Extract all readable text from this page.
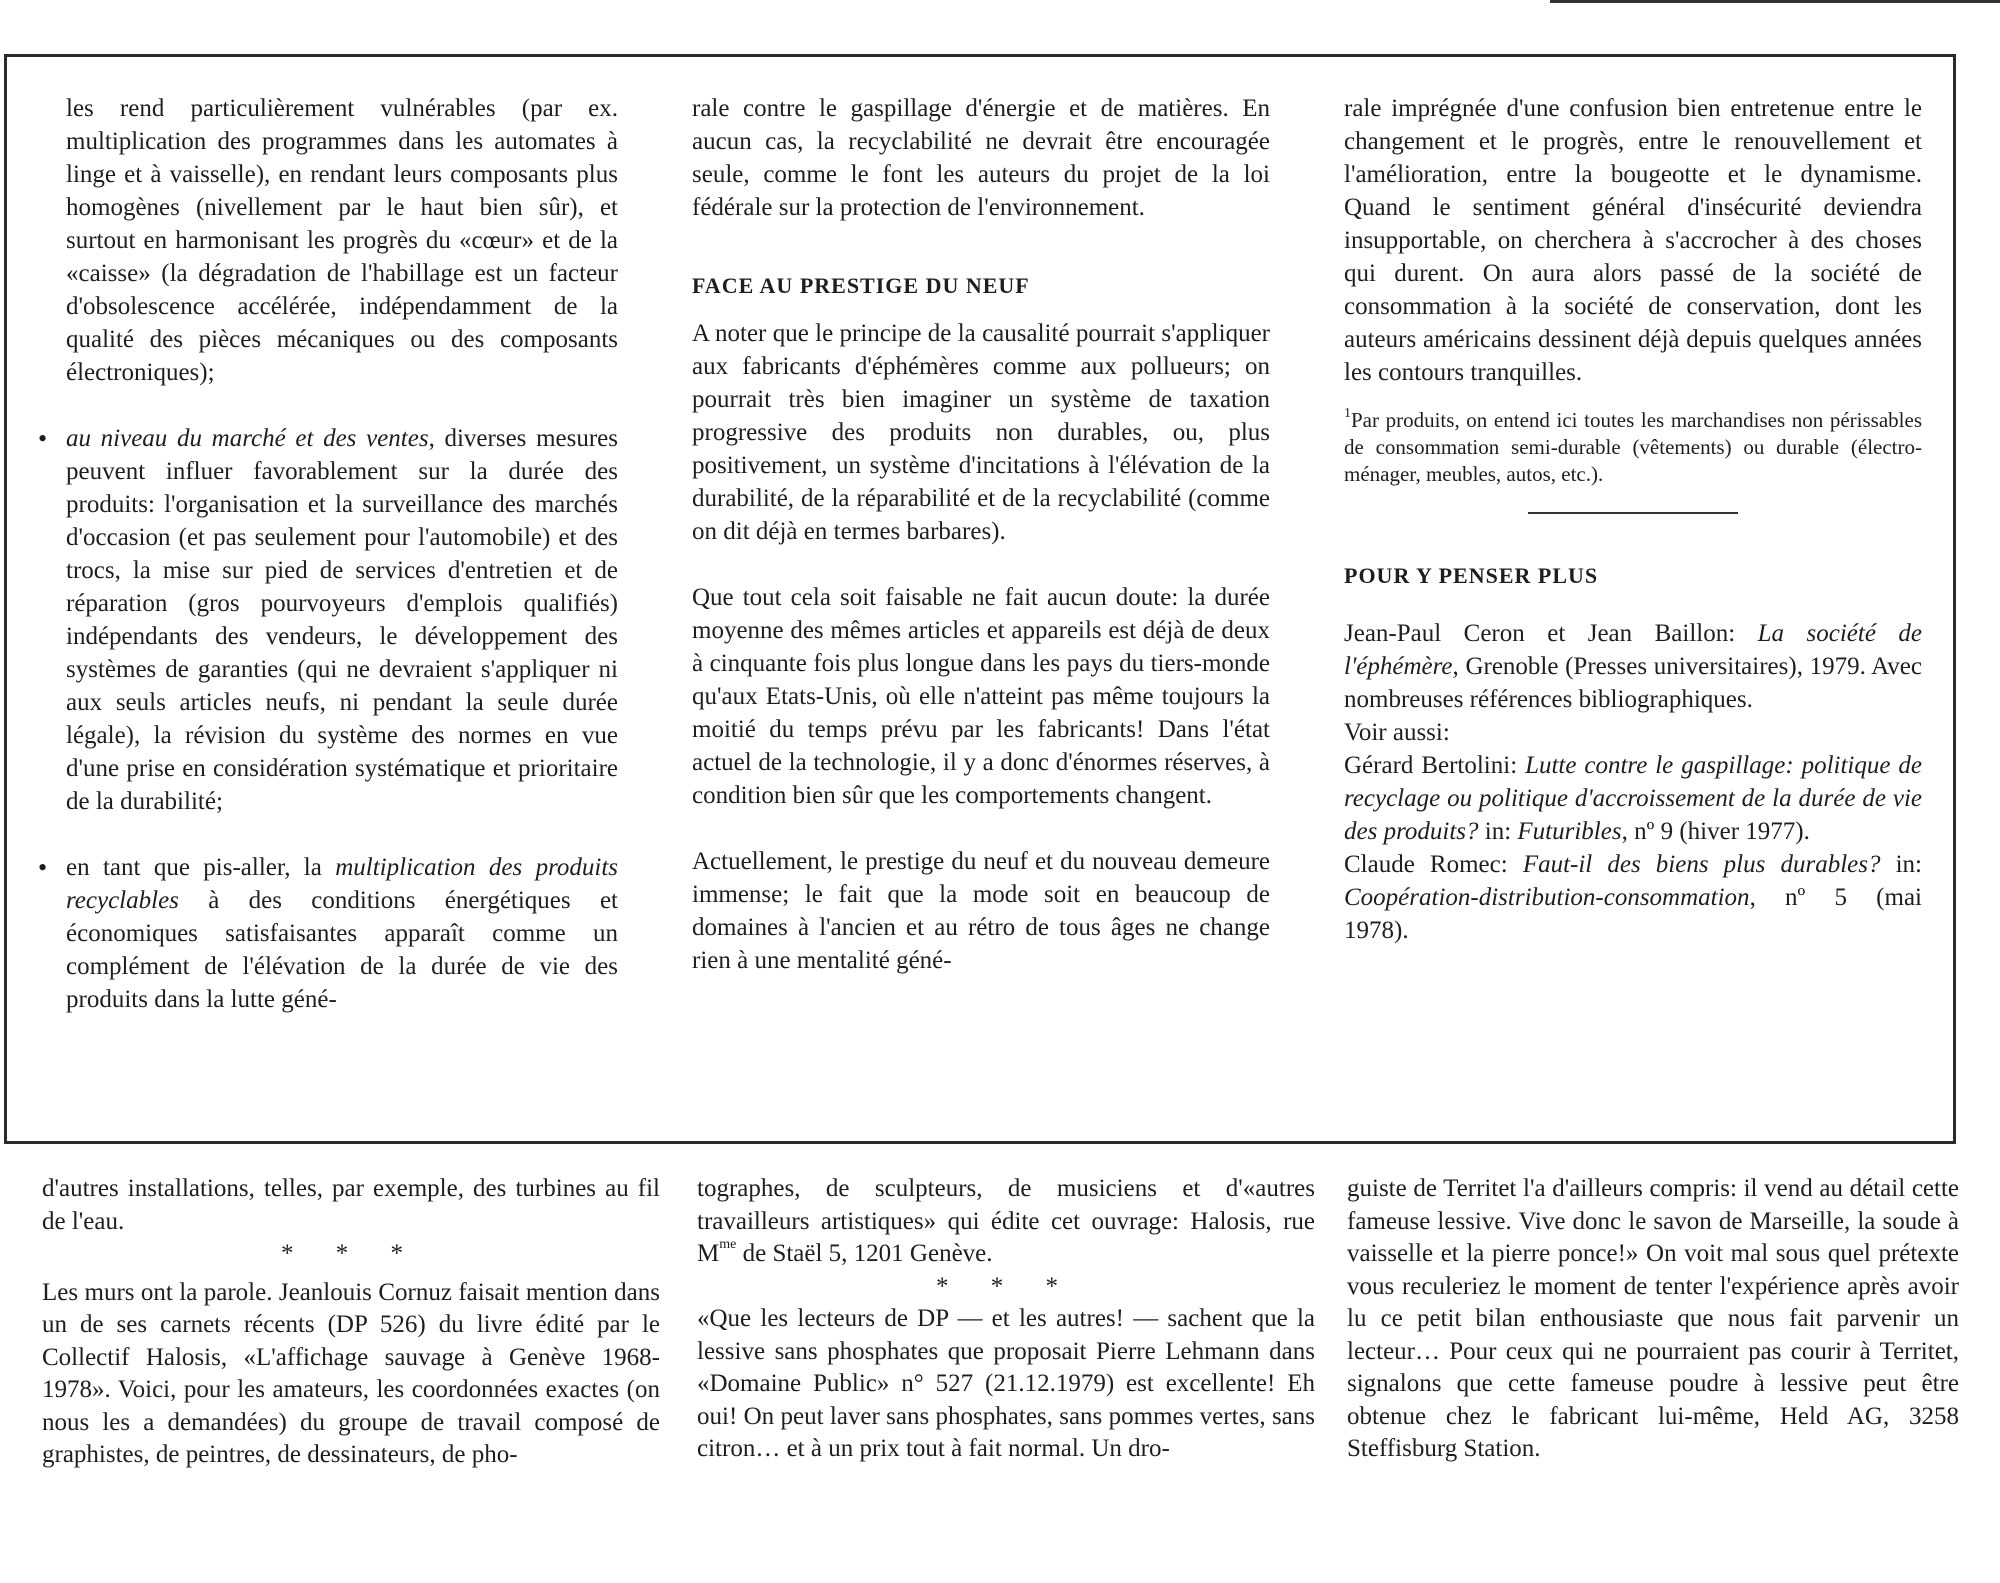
les rend particulièrement vulnérables (par ex. multiplication des programmes dans les automates à linge et à vaisselle), en rendant leurs composants plus homogènes (nivellement par le haut bien sûr), et surtout en harmonisant les progrès du «cœur» et de la «caisse» (la dégradation de l'habillage est un facteur d'obsolescence accélérée, indépendamment de la qualité des pièces mécaniques ou des composants électroniques);

• au niveau du marché et des ventes, diverses mesures peuvent influer favorablement sur la durée des produits: l'organisation et la surveillance des marchés d'occasion (et pas seulement pour l'automobile) et des trocs, la mise sur pied de services d'entretien et de réparation (gros pourvoyeurs d'emplois qualifiés) indépendants des vendeurs, le développement des systèmes de garanties (qui ne devraient s'appliquer ni aux seuls articles neufs, ni pendant la seule durée légale), la révision du système des normes en vue d'une prise en considération systématique et prioritaire de la durabilité;

• en tant que pis-aller, la multiplication des produits recyclables à des conditions énergétiques et économiques satisfaisantes apparaît comme un complément de l'élévation de la durée de vie des produits dans la lutte géné-

rale contre le gaspillage d'énergie et de matières. En aucun cas, la recyclabilité ne devrait être encouragée seule, comme le font les auteurs du projet de la loi fédérale sur la protection de l'environnement.

FACE AU PRESTIGE DU NEUF

A noter que le principe de la causalité pourrait s'appliquer aux fabricants d'éphémères comme aux pollueurs; on pourrait très bien imaginer un système de taxation progressive des produits non durables, ou, plus positivement, un système d'incitations à l'élévation de la durabilité, de la réparabilité et de la recyclabilité (comme on dit déjà en termes barbares).

Que tout cela soit faisable ne fait aucun doute: la durée moyenne des mêmes articles et appareils est déjà de deux à cinquante fois plus longue dans les pays du tiers-monde qu'aux Etats-Unis, où elle n'atteint pas même toujours la moitié du temps prévu par les fabricants! Dans l'état actuel de la technologie, il y a donc d'énormes réserves, à condition bien sûr que les comportements changent.

Actuellement, le prestige du neuf et du nouveau demeure immense; le fait que la mode soit en beaucoup de domaines à l'ancien et au rétro de tous âges ne change rien à une mentalité géné-

rale imprégnée d'une confusion bien entretenue entre le changement et le progrès, entre le renouvellement et l'amélioration, entre la bougeotte et le dynamisme. Quand le sentiment général d'insécurité deviendra insupportable, on cherchera à s'accrocher à des choses qui durent. On aura alors passé de la société de consommation à la société de conservation, dont les auteurs américains dessinent déjà depuis quelques années les contours tranquilles.

$^1$Par produits, on entend ici toutes les marchandises non périssables de consommation semi-durable (vêtements) ou durable (électro-ménager, meubles, autos, etc.).

POUR Y PENSER PLUS

Jean-Paul Ceron et Jean Baillon: La société de l'éphémère, Grenoble (Presses universitaires), 1979. Avec nombreuses références bibliographiques.

Voir aussi:

Gérard Bertolini: Lutte contre le gaspillage: politique de recyclage ou politique d'accroissement de la durée de vie des produits? in: Futuribles, nº 9 (hiver 1977).

Claude Romec: Faut-il des biens plus durables? in: Coopération-distribution-consommation, nº 5 (mai 1978).

d'autres installations, telles, par exemple, des turbines au fil de l'eau.

* * *

Les murs ont la parole. Jeanlouis Cornuz faisait mention dans un de ses carnets récents (DP 526) du livre édité par le Collectif Halosis, «L'affichage sauvage à Genève 1968-1978». Voici, pour les amateurs, les coordonnées exactes (on nous les a demandées) du groupe de travail composé de graphistes, de peintres, de dessinateurs, de pho-

tographes, de sculpteurs, de musiciens et d'«autres travailleurs artistiques» qui édite cet ouvrage: Halosis, rue $M^{me}$ de Staël 5, 1201 Genève.

* * *

«Que les lecteurs de DP — et les autres! — sachent que la lessive sans phosphates que proposait Pierre Lehmann dans «Domaine Public» n° 527 (21.12.1979) est excellente! Eh oui! On peut laver sans phosphates, sans pommes vertes, sans citron… et à un prix tout à fait normal. Un dro-

guiste de Territet l'a d'ailleurs compris: il vend au détail cette fameuse lessive. Vive donc le savon de Marseille, la soude à vaisselle et la pierre ponce!» On voit mal sous quel prétexte vous reculeriez le moment de tenter l'expérience après avoir lu ce petit bilan enthousiaste que nous fait parvenir un lecteur… Pour ceux qui ne pourraient pas courir à Territet, signalons que cette fameuse poudre à lessive peut être obtenue chez le fabricant lui-même, Held AG, 3258 Steffisburg Station.
